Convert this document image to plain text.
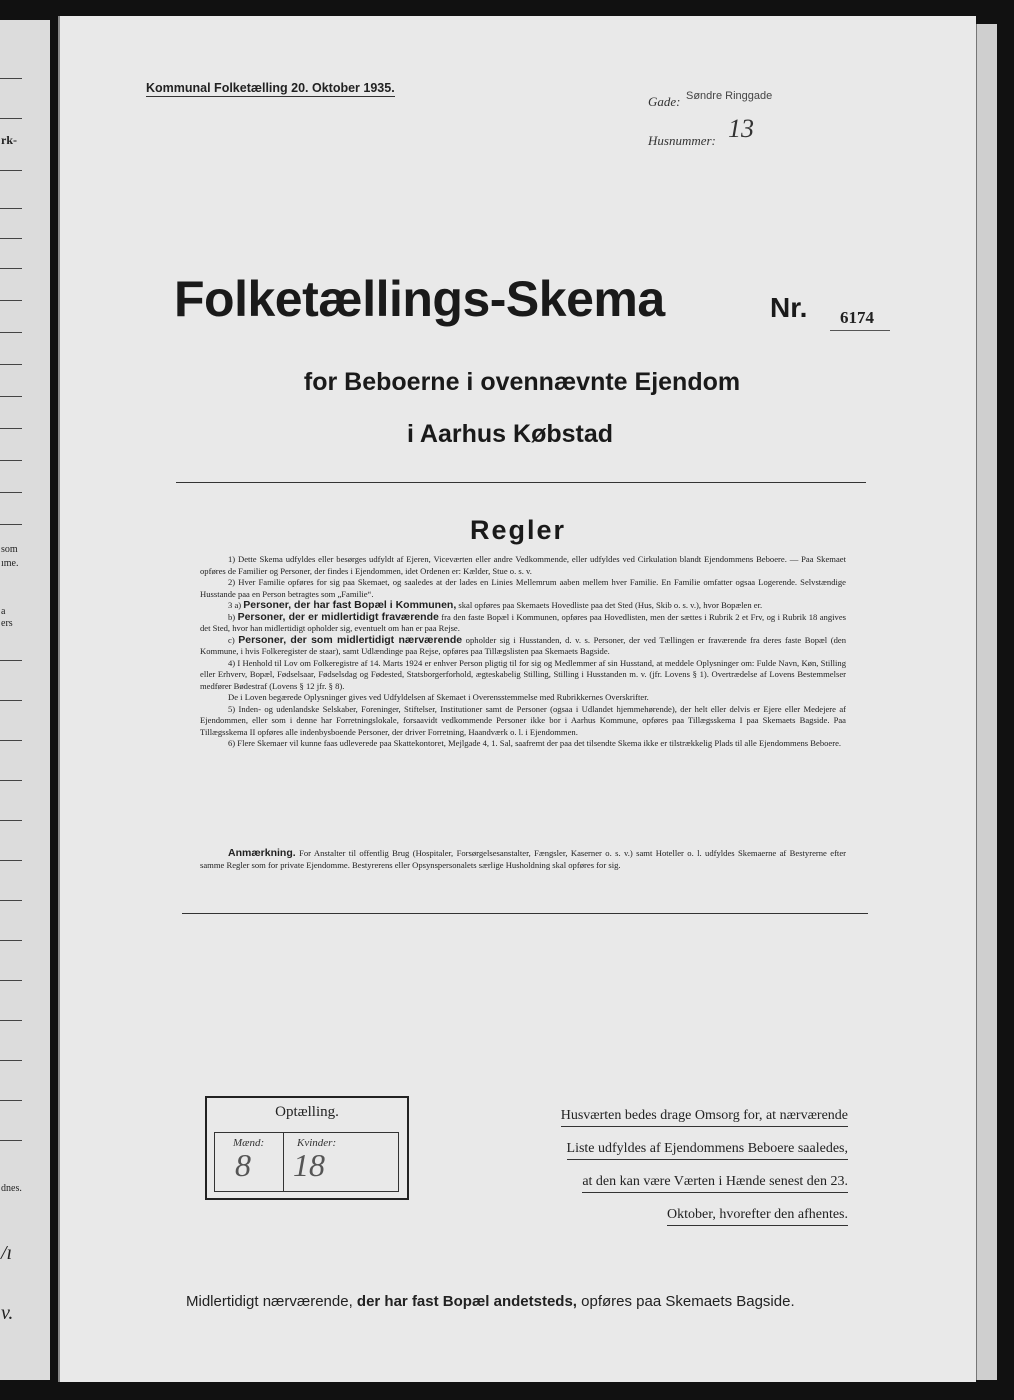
rk-
som
ıme.
a
ers
dnes.
/ı
v.
Kommunal Folketælling 20. Oktober 1935.
Gade: Søndre Ringgade
Husnummer: 13
Folketællings-Skema	Nr. 6174
for Beboerne i ovennævnte Ejendom
i Aarhus Købstad
Regler

1) Dette Skema udfyldes eller besørges udfyldt af Ejeren, Viceværten eller andre Vedkommende, eller udfyldes ved Cirkulation blandt Ejendommens Beboere. — Paa Skemaet opføres de Familier og Personer, der findes i Ejendommen, idet Ordenen er: Kælder, Stue o. s. v.

2) Hver Familie opføres for sig paa Skemaet, og saaledes at der lades en Linies Mellemrum aaben mellem hver Familie. En Familie omfatter ogsaa Logerende. Selvstændige Husstande paa en Person betragtes som „Familie“.

3 a) Personer, der har fast Bopæl i Kommunen, skal opføres paa Skemaets Hovedliste paa det Sted (Hus, Skib o. s. v.), hvor Bopælen er.

b) Personer, der er midlertidigt fraværende fra den faste Bopæl i Kommunen, opføres paa Hovedlisten, men der sættes i Rubrik 2 et Frv, og i Rubrik 18 angives det Sted, hvor han midlertidigt opholder sig, eventuelt om han er paa Rejse.

c) Personer, der som midlertidigt nærværende opholder sig i Husstanden, d. v. s. Personer, der ved Tællingen er fraværende fra deres faste Bopæl (den Kommune, i hvis Folkeregister de staar), samt Udlændinge paa Rejse, opføres paa Tillægslisten paa Skemaets Bagside.

4) I Henhold til Lov om Folkeregistre af 14. Marts 1924 er enhver Person pligtig til for sig og Medlemmer af sin Husstand, at meddele Oplysninger om: Fulde Navn, Køn, Stilling eller Erhverv, Bopæl, Fødselsaar, Fødselsdag og Fødested, Statsborgerforhold, ægteskabelig Stilling, Stilling i Husstanden m. v. (jfr. Lovens § 1). Overtrædelse af Lovens Bestemmelser medfører Bødestraf (Lovens § 12 jfr. § 8).

De i Loven begærede Oplysninger gives ved Udfyldelsen af Skemaet i Overensstemmelse med Rubrikkernes Overskrifter.

5) Inden- og udenlandske Selskaber, Foreninger, Stiftelser, Institutioner samt de Personer (ogsaa i Udlandet hjemmehørende), der helt eller delvis er Ejere eller Medejere af Ejendommen, eller som i denne har Forretningslokale, forsaavidt vedkommende Personer ikke bor i Aarhus Kommune, opføres paa Tillægsskema I paa Skemaets Bagside. Paa Tillægsskema II opføres alle indenbysboende Personer, der driver Forretning, Haandværk o. l. i Ejendommen.

6) Flere Skemaer vil kunne faas udleverede paa Skattekontoret, Mejlgade 4, 1. Sal, saafremt der paa det tilsendte Skema ikke er tilstrækkelig Plads til alle Ejendommens Beboere.

Anmærkning. For Anstalter til offentlig Brug (Hospitaler, Forsørgelsesanstalter, Fængsler, Kaserner o. s. v.) samt Hoteller o. l. udfyldes Skemaerne af Bestyrerne efter samme Regler som for private Ejendomme. Bestyrerens eller Opsynspersonalets særlige Husholdning skal opføres for sig.
Optælling.
Mænd:
8
Kvinder:
18
Husværten bedes drage Omsorg for, at nærværende
Liste udfyldes af Ejendommens Beboere saaledes,
at den kan være Værten i Hænde senest den 23.
Oktober, hvorefter den afhentes.
Midlertidigt nærværende, der har fast Bopæl andetsteds, opføres paa Skemaets Bagside.
